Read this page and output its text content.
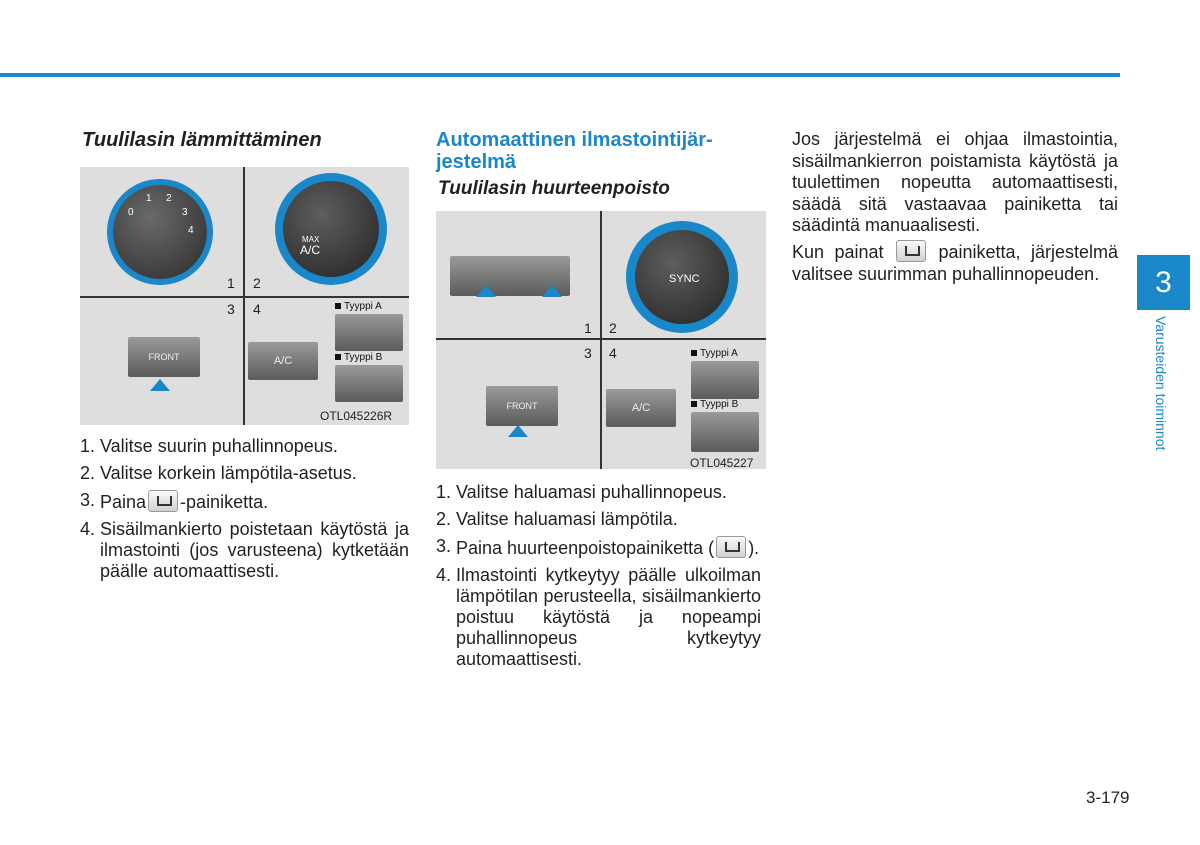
Tuulilasin lämmittäminen
0
1 2
3
4
MAX
A/C
1 2
3 4
FRONT	A/C
Tyyppi A
Tyyppi B
OTL045226R
1. Valitse suurin puhallinnopeus.
2. Valitse korkein lämpötila-asetus.
3. Paina -painiketta.
4. Sisäilmankierto poistetaan käytöstä ja ilmastointi (jos varusteena) kytketään päälle automaattisesti.
Automaattinen ilmastointijär-
jestelmä
Tuulilasin huurteenpoisto
SYNC
1 2
3 4
FRONT	A/C
Tyyppi A
Tyyppi B
OTL045227
1. Valitse haluamasi puhallinnopeus.
2. Valitse haluamasi lämpötila.
3. Paina huurteenpoistopainiketta ( ).
4. Ilmastointi kytkeytyy päälle ulkoilman lämpötilan perusteella, sisäilmankierto poistuu käytöstä ja nopeampi puhallinnopeus kytkeytyy automaattisesti.

Jos järjestelmä ei ohjaa ilmastointia, sisäilmankierron poistamista käytöstä ja tuulettimen nopeutta automaattisesti, säädä sitä vastaavaa painiketta tai säädintä manuaalisesti.

Kun painat	painiketta, järjestelmä valitsee suurimman puhallinnopeuden.	3
Varusteiden toiminnot
3-179
